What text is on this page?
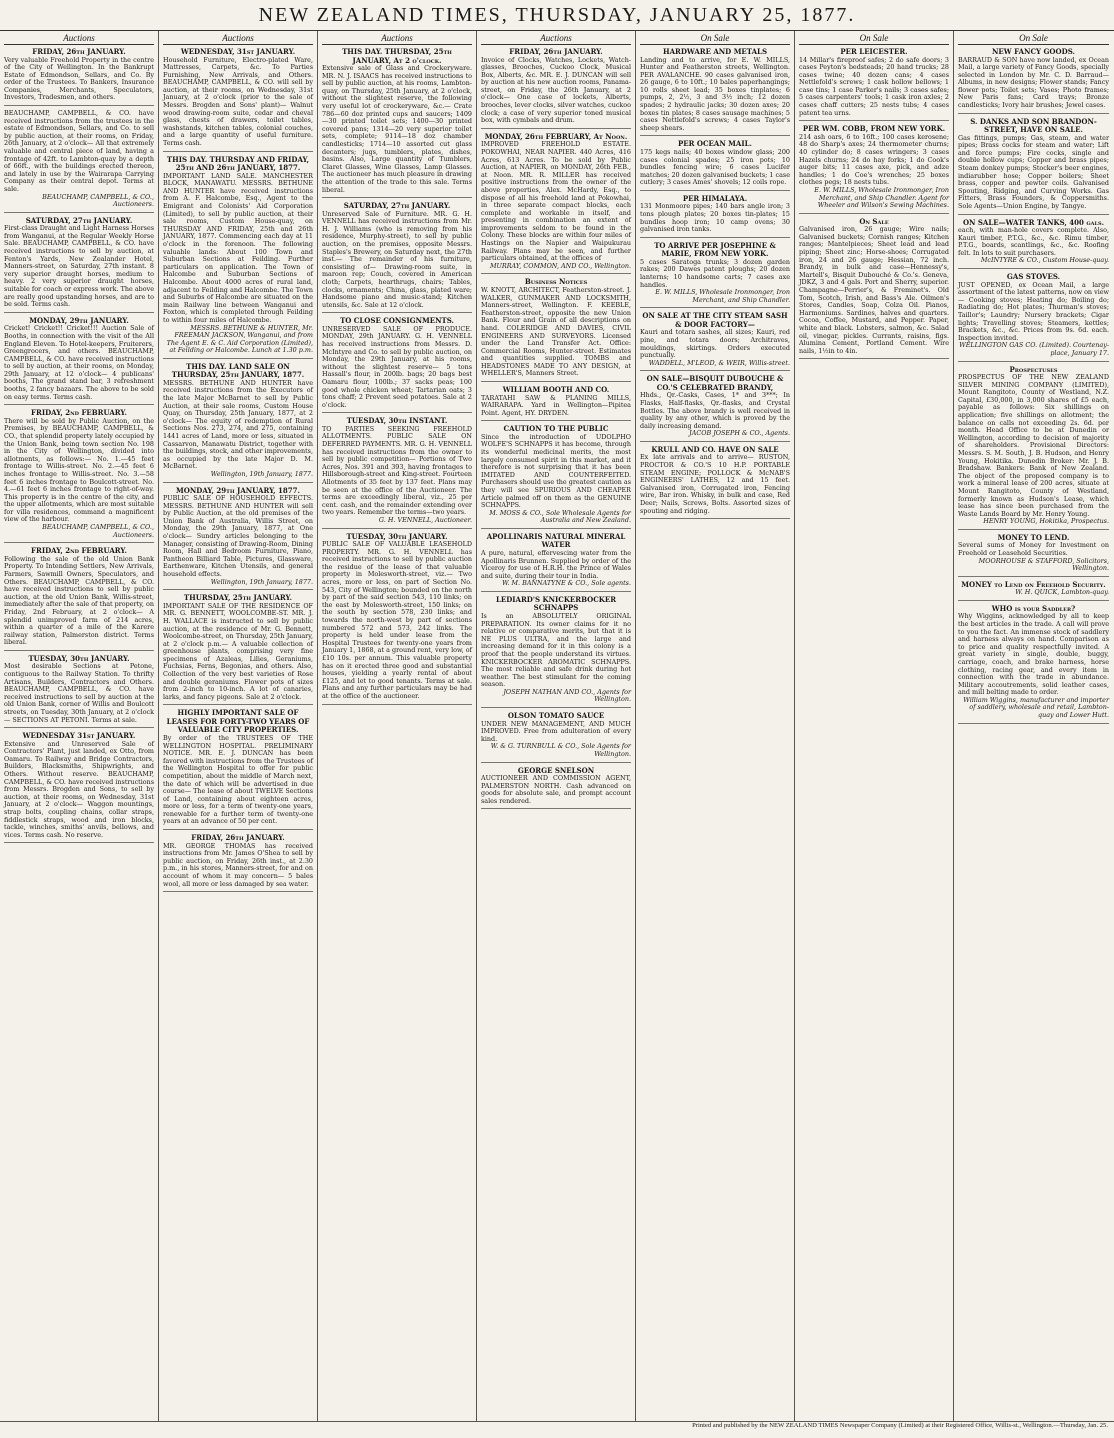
NEW ZEALAND TIMES, THURSDAY, JANUARY 25, 1877.
Auctions
FRIDAY, 26th JANUARY.
Very valuable Freehold Property in the centre of the City of Wellington. In the Bankrupt Estate of Edmondson, Sellars, and Co. By order of the Trustees. To Bankers, Insurance Companies, Merchants, Speculators, Investors, Tradesmen, and others.
BEAUCHAMP, CAMPBELL, & CO. have received instructions from the trustees in the estate of Edmondson, Sellars, and Co. to sell by public auction, at their rooms, on Friday, 26th January, at 2 o'clock— All that extremely valuable and central piece of land, having a frontage of 42ft. to Lambton-quay by a depth of 66ft., with the buildings erected thereon, and lately in use by the Wairarapa Carrying Company as their central depot. Terms at sale.
BEAUCHAMP, CAMPBELL, & CO., Auctioneers.
SATURDAY, 27th JANUARY.
First-class Draught and Light Harness Horses from Wanganui, at the Regular Weekly Horse Sale. BEAUCHAMP, CAMPBELL, & CO. have received instructions to sell by auction, at Fenton's Yards, New Zealander Hotel, Manners-street, on Saturday, 27th instant. 8 very superior draught horses, medium to heavy. 2 very superior draught horses, suitable for coach or express work. The above are really good upstanding horses, and are to be sold. Terms cash.
MONDAY, 29th JANUARY.
Cricket! Cricket!! Cricket!!! Auction Sale of Booths, in connection with the visit of the All England Eleven. To Hotel-keepers, Fruiterers, Greengrocers, and others. BEAUCHAMP, CAMPBELL, & CO. have received instructions to sell by auction, at their rooms, on Monday, 29th January, at 12 o'clock— 4 publicans' booths, The grand stand bar, 3 refreshment booths, 2 fancy bazaars. The above to be sold on easy terms. Terms cash.
FRIDAY, 2nd FEBRUARY.
There will be sold by Public Auction, on the Premises, by BEAUCHAMP, CAMPBELL, & CO., that splendid property lately occupied by the Union Bank, being town section No. 198 in the City of Wellington, divided into allotments, as follows:— No. 1.—45 feet frontage to Willis-street. No. 2.—45 feet 6 inches frontage to Willis-street. No. 3.—58 feet 6 inches frontage to Boulcott-street. No. 4.—61 feet 6 inches frontage to right-of-way. This property is in the centre of the city, and the upper allotments, which are most suitable for villa residences, command a magnificent view of the harbour.
BEAUCHAMP, CAMPBELL, & CO., Auctioneers.
FRIDAY, 2nd FEBRUARY.
Following the sale of the old Union Bank Property. To Intending Settlers, New Arrivals, Farmers, Sawmill Owners, Speculators, and Others. BEAUCHAMP, CAMPBELL, & CO. have received instructions to sell by public auction, at the old Union Bank, Willis-street, immediately after the sale of that property, on Friday, 2nd February, at 2 o'clock— A splendid unimproved farm of 214 acres, within a quarter of a mile of the Karere railway station, Palmerston district. Terms liberal.
TUESDAY, 30th JANUARY.
Most desirable Sections at Petone, contiguous to the Railway Station. To thrifty Artisans, Builders, Contractors and Others. BEAUCHAMP, CAMPBELL, & CO. have received instructions to sell by auction at the old Union Bank, corner of Willis and Boulcott streets, on Tuesday, 30th January, at 2 o'clock— SECTIONS AT PETONI. Terms at sale.
WEDNESDAY 31st JANUARY.
Extensive and Unreserved Sale of Contractors' Plant, just landed, ex Otto, from Oamaru. To Railway and Bridge Contractors, Builders, Blacksmiths, Shipwrights, and Others. Without reserve. BEAUCHAMP, CAMPBELL, & CO. have received instructions from Messrs. Brogden and Sons, to sell by auction, at their rooms, on Wednesday, 31st January, at 2 o'clock— Waggon mountings, strap bolts, coupling chains, collar straps, fiddlestick straps, wood and iron blocks, tackle, winches, smiths' anvils, bellows, and vices. Terms cash. No reserve.
Auctions
WEDNESDAY, 31st JANUARY.
Household Furniture, Electro-plated Ware, Mattresses, Carpets, &c. To Parties Furnishing, New Arrivals, and Others. BEAUCHAMP, CAMPBELL, & CO. will sell by auction, at their rooms, on Wednesday, 31st January, at 2 o'clock (prior to the sale of Messrs. Brogden and Sons' plant)— Walnut wood drawing-room suite, cedar and cheval glass, chests of drawers, toilet tables, washstands, kitchen tables, colonial couches, and a large quantity of useful furniture. Terms cash.
THIS DAY. THURSDAY AND FRIDAY, 25th AND 26th JANUARY, 1877.
IMPORTANT LAND SALE. MANCHESTER BLOCK, MANAWATU. MESSRS. BETHUNE AND HUNTER have received instructions from A. F. Halcombe, Esq., Agent to the Emigrant and Colonists' Aid Corporation (Limited), to sell by public auction, at their sale rooms, Custom House-quay, on THURSDAY AND FRIDAY, 25th and 26th JANUARY, 1877. Commencing each day at 11 o'clock in the forenoon. The following valuable lands: About 100 Town and Suburban Sections at Feilding. Further particulars on application. The Town of Halcombe and Suburban Sections of Halcombe. About 4000 acres of rural land, adjacent to Feilding and Halcombe. The Town and Suburbs of Halcombe are situated on the main Railway line between Wanganui and Foxton, which is completed through Feilding to within four miles of Halcombe.
MESSRS. BETHUNE & HUNTER, Mr. FREEMAN JACKSON, Wanganui, and from The Agent E. & C. Aid Corporation (Limited), at Feilding or Halcombe. Lunch at 1.30 p.m.
THIS DAY. LAND SALE ON THURSDAY, 25th JANUARY, 1877.
MESSRS. BETHUNE AND HUNTER have received instructions from the Executors of the late Major McBarnet to sell by Public Auction, at their sale rooms, Custom House Quay, on Thursday, 25th January, 1877, at 2 o'clock— The equity of redemption of Rural Sections Nos. 273, 274, and 275, containing 1441 acres of Land, more or less, situated in Cassarvon, Manawatu District, together with the buildings, stock, and other improvements, as occupied by the late Major D. M. McBarnet.
Wellington, 19th January, 1877.
MONDAY, 29th JANUARY, 1877.
PUBLIC SALE OF HOUSEHOLD EFFECTS. MESSRS. BETHUNE AND HUNTER will sell by Public Auction, at the old premises of the Union Bank of Australia, Willis Street, on Monday, the 29th January, 1877, at One o'clock— Sundry articles belonging to the Manager, consisting of Drawing-Room, Dining Room, Hall and Bedroom Furniture, Piano, Pantheon Billiard Table, Pictures, Glassware, Earthenware, Kitchen Utensils, and general household effects.
Wellington, 19th January, 1877.
THURSDAY, 25th JANUARY.
IMPORTANT SALE OF THE RESIDENCE OF MR. G. BENNETT, WOOLCOMBE-ST. MR. J. H. WALLACE is instructed to sell by public auction, at the residence of Mr. G. Bennett, Woolcombe-street, on Thursday, 25th January, at 2 o'clock p.m.— A valuable collection of greenhouse plants, comprising very fine specimens of Azaleas, Lilies, Geraniums, Fuchsias, Ferns, Begonias, and others. Also, Collection of the very best varieties of Rose and double geraniums. Flower pots of sizes from 2-inch to 10-inch. A lot of canaries, larks, and fancy pigeons. Sale at 2 o'clock.
HIGHLY IMPORTANT SALE OF LEASES FOR FORTY-TWO YEARS OF VALUABLE CITY PROPERTIES.
By order of the TRUSTEES OF THE WELLINGTON HOSPITAL. PRELIMINARY NOTICE. MR. E. J. DUNCAN has been favored with instructions from the Trustees of the Wellington Hospital to offer for public competition, about the middle of March next, the date of which will be advertised in due course— The lease of about TWELVE Sections of Land, containing about eighteen acres, more or less, for a term of twenty-one years, renewable for a further term of twenty-one years at an advance of 50 per cent.
FRIDAY, 26th JANUARY.
MR. GEORGE THOMAS has received instructions from Mr. James O'Shea to sell by public auction, on Friday, 26th inst., at 2.30 p.m., in his stores, Manners-street, for and on account of whom it may concern— 5 bales wool, all more or less damaged by sea water.
Auctions
THIS DAY. THURSDAY, 25th JANUARY, At 2 o'clock.
Extensive sale of Glass and Crockeryware. MR. N. J. ISAACS has received instructions to sell by public auction, at his rooms, Lambton-quay, on Thursday, 25th January, at 2 o'clock, without the slightest reserve, the following very useful lot of crockeryware, &c.— Crate 786—60 doz printed cups and saucers; 1409—30 printed toilet sets; 1400—30 printed covered pans; 1314—20 very superior toilet sets, complete; 9114—18 doz chamber candlesticks; 1714—10 assorted cut glass decanters; jugs, tumblers, plates, dishes, basins. Also, Large quantity of Tumblers, Claret Glasses, Wine Glasses, Lamp Glasses. The auctioneer has much pleasure in drawing the attention of the trade to this sale. Terms liberal.
SATURDAY, 27th JANUARY.
Unreserved Sale of Furniture. MR. G. H. VENNELL has received instructions from Mr. H. J. Williams (who is removing from his residence, Murphy-street), to sell by public auction, on the premises, opposite Messrs. Staples's Brewery, on Saturday next, the 27th inst.— The remainder of his furniture, consisting of— Drawing-room suite, in maroon rep; Couch, covered in American cloth; Carpets, hearthrugs, chairs; Tables, clocks, ornaments; China, glass, plated ware; Handsome piano and music-stand; Kitchen utensils, &c. Sale at 12 o'clock.
TO CLOSE CONSIGNMENTS.
UNRESERVED SALE OF PRODUCE. MONDAY, 29th JANUARY. G. H. VENNELL has received instructions from Messrs. D. McIntyre and Co. to sell by public auction, on Monday, the 29th January, at his rooms, without the slightest reserve— 5 tons Hassall's flour, in 200lb. bags; 20 bags best Oamaru flour, 100lb.; 37 sacks peas; 100 good whole chicken wheat; Tartarian oats; 3 tons chaff; 2 Prevent seed potatoes. Sale at 2 o'clock.
TUESDAY, 30th INSTANT.
TO PARTIES SEEKING FREEHOLD ALLOTMENTS. PUBLIC SALE ON DEFERRED PAYMENTS. MR. G. H. VENNELL has received instructions from the owner to sell by public competition— Portions of Two Acres, Nos. 391 and 393, having frontages to Hillsborough-street and King-street. Fourteen Allotments of 35 feet by 137 feet. Plans may be seen at the office of the Auctioneer. The terms are exceedingly liberal, viz., 25 per cent. cash, and the remainder extending over two years. Remember the terms—two years.
G. H. VENNELL, Auctioneer.
TUESDAY, 30th JANUARY.
PUBLIC SALE OF VALUABLE LEASEHOLD PROPERTY. MR. G. H. VENNELL has received instructions to sell by public auction the residue of the lease of that valuable property in Molesworth-street, viz.— Two acres, more or less, on part of Section No. 543, City of Wellington; bounded on the north by part of the said section 543, 110 links; on the east by Molesworth-street, 150 links; on the south by section 578, 230 links; and towards the north-west by part of sections numbered 572 and 573, 242 links. The property is held under lease from the Hospital Trustees for twenty-one years from January 1, 1868, at a ground rent, very low, of £10 10s. per annum. This valuable property has on it erected three good and substantial houses, yielding a yearly rental of about £125, and let to good tenants. Terms at sale. Plans and any further particulars may be had at the office of the auctioneer.
Auctions
FRIDAY, 26th JANUARY.
Invoice of Clocks, Watches, Lockets, Watch-glasses, Brooches, Cuckoo Clock, Musical Box, Alberts, &c. MR. E. J. DUNCAN will sell by auction at his new auction rooms, Panama-street, on Friday, the 26th January, at 2 o'clock— One case of lockets, Alberts, brooches, lever clocks, silver watches, cuckoo clock; a case of very superior toned musical box, with cymbals and drum.
MONDAY, 26th FEBRUARY, At Noon.
IMPROVED FREEHOLD ESTATE. POKOWHAI, NEAR NAPIER. 440 Acres, 416 Acres, 613 Acres. To be sold by Public Auction, at NAPIER, on MONDAY, 26th FEB., at Noon. MR. R. MILLER has received positive instructions from the owner of the above properties, Alex. McHardy, Esq., to dispose of all his freehold land at Pokowhai, in three separate compact blocks, each complete and workable in itself, and presenting in combination an extent of improvements seldom to be found in the Colony. These blocks are within four miles of Hastings on the Napier and Waipukurau Railway. Plans may be seen, and further particulars obtained, at the offices of
MURRAY, COMMON, AND CO., Wellington.
Business Notices
W. KNOTT, ARCHITECT, Featherston-street. J. WALKER, GUNMAKER AND LOCKSMITH, Manners-street, Wellington. F. KEEBLE, Featherston-street, opposite the new Union Bank. Flour and Grain of all descriptions on hand. COLERIDGE AND DAVIES, CIVIL ENGINEERS AND SURVEYORS. Licensed under the Land Transfer Act. Office: Commercial Rooms, Hunter-street. Estimates and quantities supplied. TOMBS and HEADSTONES MADE TO ANY DESIGN, at WHELLER'S, Manners Street.
WILLIAM BOOTH AND CO.
TARATAHI SAW & PLANING MILLS, WAIRARAPA. Yard in Wellington—Pipitea Point. Agent, HY. DRYDEN.
CAUTION TO THE PUBLIC
Since the introduction of UDOLPHO WOLFE'S SCHNAPPS it has become, through its wonderful medicinal merits, the most largely consumed spirit in this market, and it therefore is not surprising that it has been IMITATED AND COUNTERFEITED. Purchasers should use the greatest caution as they will see SPURIOUS AND CHEAPER Article palmed off on them as the GENUINE SCHNAPPS.
M. MOSS & CO., Sole Wholesale Agents for Australia and New Zealand.
APOLLINARIS NATURAL MINERAL WATER
A pure, natural, effervescing water from the Apollinaris Brunnen. Supplied by order of the Viceroy for use of H.R.H. the Prince of Wales and suite, during their tour in India.
W. M. BANNATYNE & CO., Sole agents.
LEDIARD'S KNICKERBOCKER SCHNAPPS
Is an ABSOLUTELY ORIGINAL PREPARATION. Its owner claims for it no relative or comparative merits, but that it is NE PLUS ULTRA, and the large and increasing demand for it in this colony is a proof that the people understand its virtues. KNICKERBOCKER AROMATIC SCHNAPPS. The most reliable and safe drink during hot weather. The best stimulant for the coming season.
JOSEPH NATHAN AND CO., Agents for Wellington.
OLSON TOMATO SAUCE
UNDER NEW MANAGEMENT, AND MUCH IMPROVED. Free from adulteration of every kind.
W. & G. TURNBULL & CO., Sole Agents for Wellington.
GEORGE SNELSON
AUCTIONEER AND COMMISSION AGENT, PALMERSTON NORTH. Cash advanced on goods for absolute sale, and prompt account sales rendered.
On Sale
HARDWARE AND METALS
Landing and to arrive, for E. W. MILLS, Hunter and Featherston streets, Wellington. PER AVALANCHE. 90 cases galvanised iron, 26 gauge, 6 to 10ft.; 10 bales paperhangings; 10 rolls sheet lead; 35 boxes tinplates; 6 pumps, 2, 2½, 3 and 3½ inch; 12 dozen spades; 2 hydraulic jacks; 30 dozen axes; 20 boxes tin plates; 8 cases sausage machines; 5 cases Nettlefold's screws; 4 cases Taylor's sheep shears.
PER OCEAN MAIL.
175 kegs nails; 40 boxes window glass; 200 cases colonial spades; 25 iron pots; 10 bundles fencing wire; 6 cases Lucifer matches; 20 dozen galvanised buckets; 1 case cutlery; 3 cases Ames' shovels; 12 coils rope.
PER HIMALAYA.
131 Monmoore pipes; 140 bars angle iron; 3 tons plough plates; 20 boxes tin-plates; 15 bundles hoop iron; 10 camp ovens; 30 galvanised iron tanks.
TO ARRIVE PER JOSEPHINE & MARIE, FROM NEW YORK.
5 cases Saratoga trunks; 3 dozen garden rakes; 200 Dawes patent ploughs; 20 dozen lanterns; 10 handsome carts; 7 cases axe handles.
E. W. MILLS, Wholesale Ironmonger, Iron Merchant, and Ship Chandler.
ON SALE AT THE CITY STEAM SASH & DOOR FACTORY—
Kauri and totara sashes, all sizes; Kauri, red pine, and totara doors; Architraves, mouldings, skirtings. Orders executed punctually.
WADDELL, M'LEOD, & WEIR, Willis-street.
ON SALE—BISQUIT DUBOUCHE & CO.'S CELEBRATED BRANDY,
Hhds., Qr.-Casks, Cases, 1* and 3***; In Flasks, Half-flasks, Qr.-flasks, and Crystal Bottles. The above brandy is well received in quality by any other, which is proved by the daily increasing demand.
JACOB JOSEPH & CO., Agents.
KRULL AND CO. HAVE ON SALE
Ex late arrivals and to arrive— RUSTON, PROCTOR & CO.'S 10 H.P. PORTABLE STEAM ENGINE; POLLOCK & McNAB'S ENGINEERS' LATHES, 12 and 15 feet. Galvanised iron, Corrugated iron, Fencing wire, Bar iron. Whisky, in bulk and case, Red Deer; Nails, Screws, Bolts. Assorted sizes of spouting and ridging.
On Sale
PER LEICESTER.
14 Millar's fireproof safes; 2 do safe doors; 3 cases Peyton's bedsteads; 20 hand trucks; 28 cases twine; 40 dozen cans; 4 cases Nettlefold's screws; 1 cask hollow bellows; 1 case tins; 1 case Parker's nails; 3 cases safes; 5 cases carpenters' tools; 1 cask iron axles; 2 cases chaff cutters; 25 nests tubs; 4 cases patent tea urns.
PER WM. COBB, FROM NEW YORK.
214 ash oars, 6 to 16ft.; 100 cases kerosene; 48 do Sharp's axes; 24 thermometer churns; 40 cylinder do; 8 cases wringers; 3 cases Hazels churns; 24 do hay forks; 1 do Cook's auger bits; 11 cases axe, pick, and adze handles; 1 do Coe's wrenches; 25 boxes clothes pegs; 18 nests tubs.
E. W. MILLS, Wholesale Ironmonger, Iron Merchant, and Ship Chandler. Agent for Wheeler and Wilson's Sewing Machines.
On Sale
Galvanised iron, 26 gauge; Wire nails; Galvanised buckets; Cornish ranges; Kitchen ranges; Mantelpieces; Sheet lead and lead piping; Sheet zinc; Horse-shoes; Corrugated iron, 24 and 26 gauge; Hessian, 72 inch. Brandy, in bulk and case—Hennessy's, Martell's, Bisquit Dubouché & Co.'s. Geneva, JDKZ, 3 and 4 gals. Port and Sherry, superior. Champagne—Perrier's, & Freminet's. Old Tom, Scotch, Irish, and Bass's Ale. Oilmen's Stores, Candles, Soap, Colza Oil. Pianos, Harmoniums. Sardines, halves and quarters. Cocoa, Coffee, Mustard, and Pepper. Paper, white and black. Lobsters, salmon, &c. Salad oil, vinegar, pickles. Currants, raisins, figs. Alumina Cement, Portland Cement. Wire nails, 1½in to 4in.
On Sale
NEW FANCY GOODS.
BARRAUD & SON have now landed, ex Ocean Mail, a large variety of Fancy Goods, specially selected in London by Mr. C. D. Barraud— Albums, in new designs; Flower stands; Fancy flower pots; Toilet sets; Vases; Photo frames; New Paris fans; Card trays; Bronze candlesticks; Ivory hair brushes; Jewel cases.
S. DANKS AND SON BRANDON-STREET, HAVE ON SALE.
Gas fittings, pumps; Gas, steam, and water pipes; Brass cocks for steam and water; Lift and force pumps; Fire cocks, single and double hollow cups; Copper and brass pipes; Steam donkey pumps; Stocker's beer engines, indiarubber hose; Copper boilers; Sheet brass, copper and pewter coils. Galvanised Spouting, Ridging, and Curving Works. Gas Fitters, Brass Founders, & Coppersmiths. Sole Agents—Union Engine, by Tangye.
ON SALE—WATER TANKS, 400 gals.
each, with man-hole covers complete. Also, Kauri timber, P.T.G., &c., &c. Rimu timber, P.T.G., boards, scantlings, &c., &c. Roofing felt. In lots to suit purchasers.
McINTYRE & CO., Custom House-quay.
GAS STOVES.
JUST OPENED, ex Ocean Mail, a large assortment of the latest patterns, now on view— Cooking stoves; Heating do; Boiling do; Radiating do; Hot plates; Thurman's stoves; Taillor's; Laundry; Nursery brackets; Cigar lights; Travelling stoves; Steamers, kettles; Brackets, &c., &c. Prices from 9s. 6d. each. Inspection invited.
WELLINGTON GAS CO. (Limited). Courtenay-place, January 17.
Prospectuses
PROSPECTUS OF THE NEW ZEALAND SILVER MINING COMPANY (LIMITED), Mount Rangitoto, County of Westland, N.Z. Capital, £30,000, in 3,000 shares of £5 each, payable as follows: Six shillings on application; five shillings on allotment; the balance on calls not exceeding 2s. 6d. per month. Head Office to be at Dunedin or Wellington, according to decision of majority of shareholders. Provisional Directors: Messrs. S. M. South, J. B. Hudson, and Henry Young, Hokitika. Dunedin Broker: Mr. J. B. Bradshaw. Bankers: Bank of New Zealand. The object of the proposed company is to work a mineral lease of 200 acres, situate at Mount Rangitoto, County of Westland, formerly known as Hudson's Lease, which lease has since been purchased from the Waste Lands Board by Mr. Henry Young.
HENRY YOUNG, Hokitika, Prospectus.
MONEY TO LEND.
Several sums of Money for Investment on Freehold or Leasehold Securities.
MOORHOUSE & STAFFORD, Solicitors, Wellington.
MONEY to Lend on Freehold Security.
W. H. QUICK, Lambton-quay.
WHO is your Saddler?
Why Wiggins, acknowledged by all to keep the best articles in the trade. A call will prove to you the fact. An immense stock of saddlery and harness always on hand. Comparison as to price and quality respectfully invited. A great variety in single, double, buggy, carriage, coach, and brake harness, horse clothing, racing gear, and every item in connection with the trade in abundance. Military accoutrements, solid leather cases, and mill belting made to order.
William Wiggins, manufacturer and importer of saddlery, wholesale and retail, Lambton-quay and Lower Hutt.
Printed and published by the NEW ZEALAND TIMES Newspaper Company (Limited) at their Registered Office, Willis-st., Wellington.—Thursday, Jan. 25.
